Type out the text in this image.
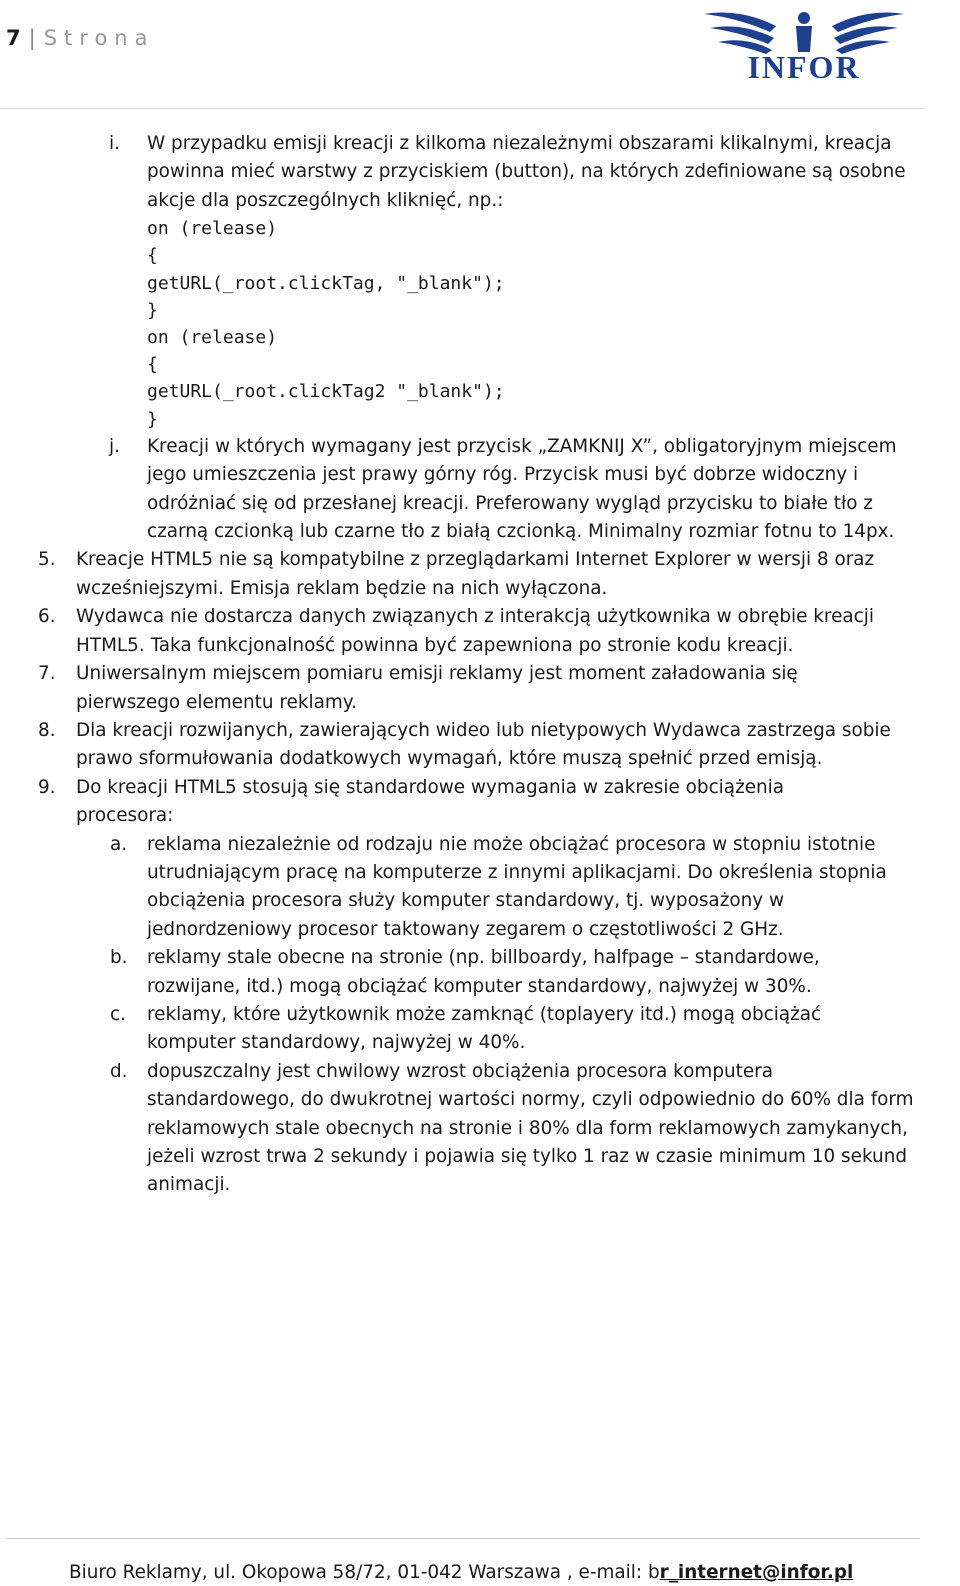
7 | Strona
INFOR
i. W przypadku emisji kreacji z kilkoma niezależnymi obszarami klikalnymi, kreacja powinna mieć warstwy z przyciskiem (button), na których zdefiniowane są osobne akcje dla poszczególnych kliknięć, np.:
on (release)
{
getURL(_root.clickTag, "_blank");
}
on (release)
{
getURL(_root.clickTag2 "_blank");
}
j. Kreacji w których wymagany jest przycisk „ZAMKNIJ X”, obligatoryjnym miejscem jego umieszczenia jest prawy górny róg. Przycisk musi być dobrze widoczny i odróżniać się od przesłanej kreacji. Preferowany wygląd przycisku to białe tło z czarną czcionką lub czarne tło z białą czcionką. Minimalny rozmiar fotnu to 14px.
5. Kreacje HTML5 nie są kompatybilne z przeglądarkami Internet Explorer w wersji 8 oraz wcześniejszymi. Emisja reklam będzie na nich wyłączona.
6. Wydawca nie dostarcza danych związanych z interakcją użytkownika w obrębie kreacji HTML5. Taka funkcjonalność powinna być zapewniona po stronie kodu kreacji.
7. Uniwersalnym miejscem pomiaru emisji reklamy jest moment załadowania się pierwszego elementu reklamy.
8. Dla kreacji rozwijanych, zawierających wideo lub nietypowych Wydawca zastrzega sobie prawo sformułowania dodatkowych wymagań, które muszą spełnić przed emisją.
9. Do kreacji HTML5 stosują się standardowe wymagania w zakresie obciążenia procesora:
a. reklama niezależnie od rodzaju nie może obciążać procesora w stopniu istotnie utrudniającym pracę na komputerze z innymi aplikacjami. Do określenia stopnia obciążenia procesora służy komputer standardowy, tj. wyposażony w jednordzeniowy procesor taktowany zegarem o częstotliwości 2 GHz.
b. reklamy stale obecne na stronie (np. billboardy, halfpage – standardowe, rozwijane, itd.) mogą obciążać komputer standardowy, najwyżej w 30%.
c. reklamy, które użytkownik może zamknąć (toplayery itd.) mogą obciążać komputer standardowy, najwyżej w 40%.
d. dopuszczalny jest chwilowy wzrost obciążenia procesora komputera standardowego, do dwukrotnej wartości normy, czyli odpowiednio do 60% dla form reklamowych stale obecnych na stronie i 80% dla form reklamowych zamykanych, jeżeli wzrost trwa 2 sekundy i pojawia się tylko 1 raz w czasie minimum 10 sekund animacji.
Biuro Reklamy, ul. Okopowa 58/72, 01-042 Warszawa , e-mail: br_internet@infor.pl
